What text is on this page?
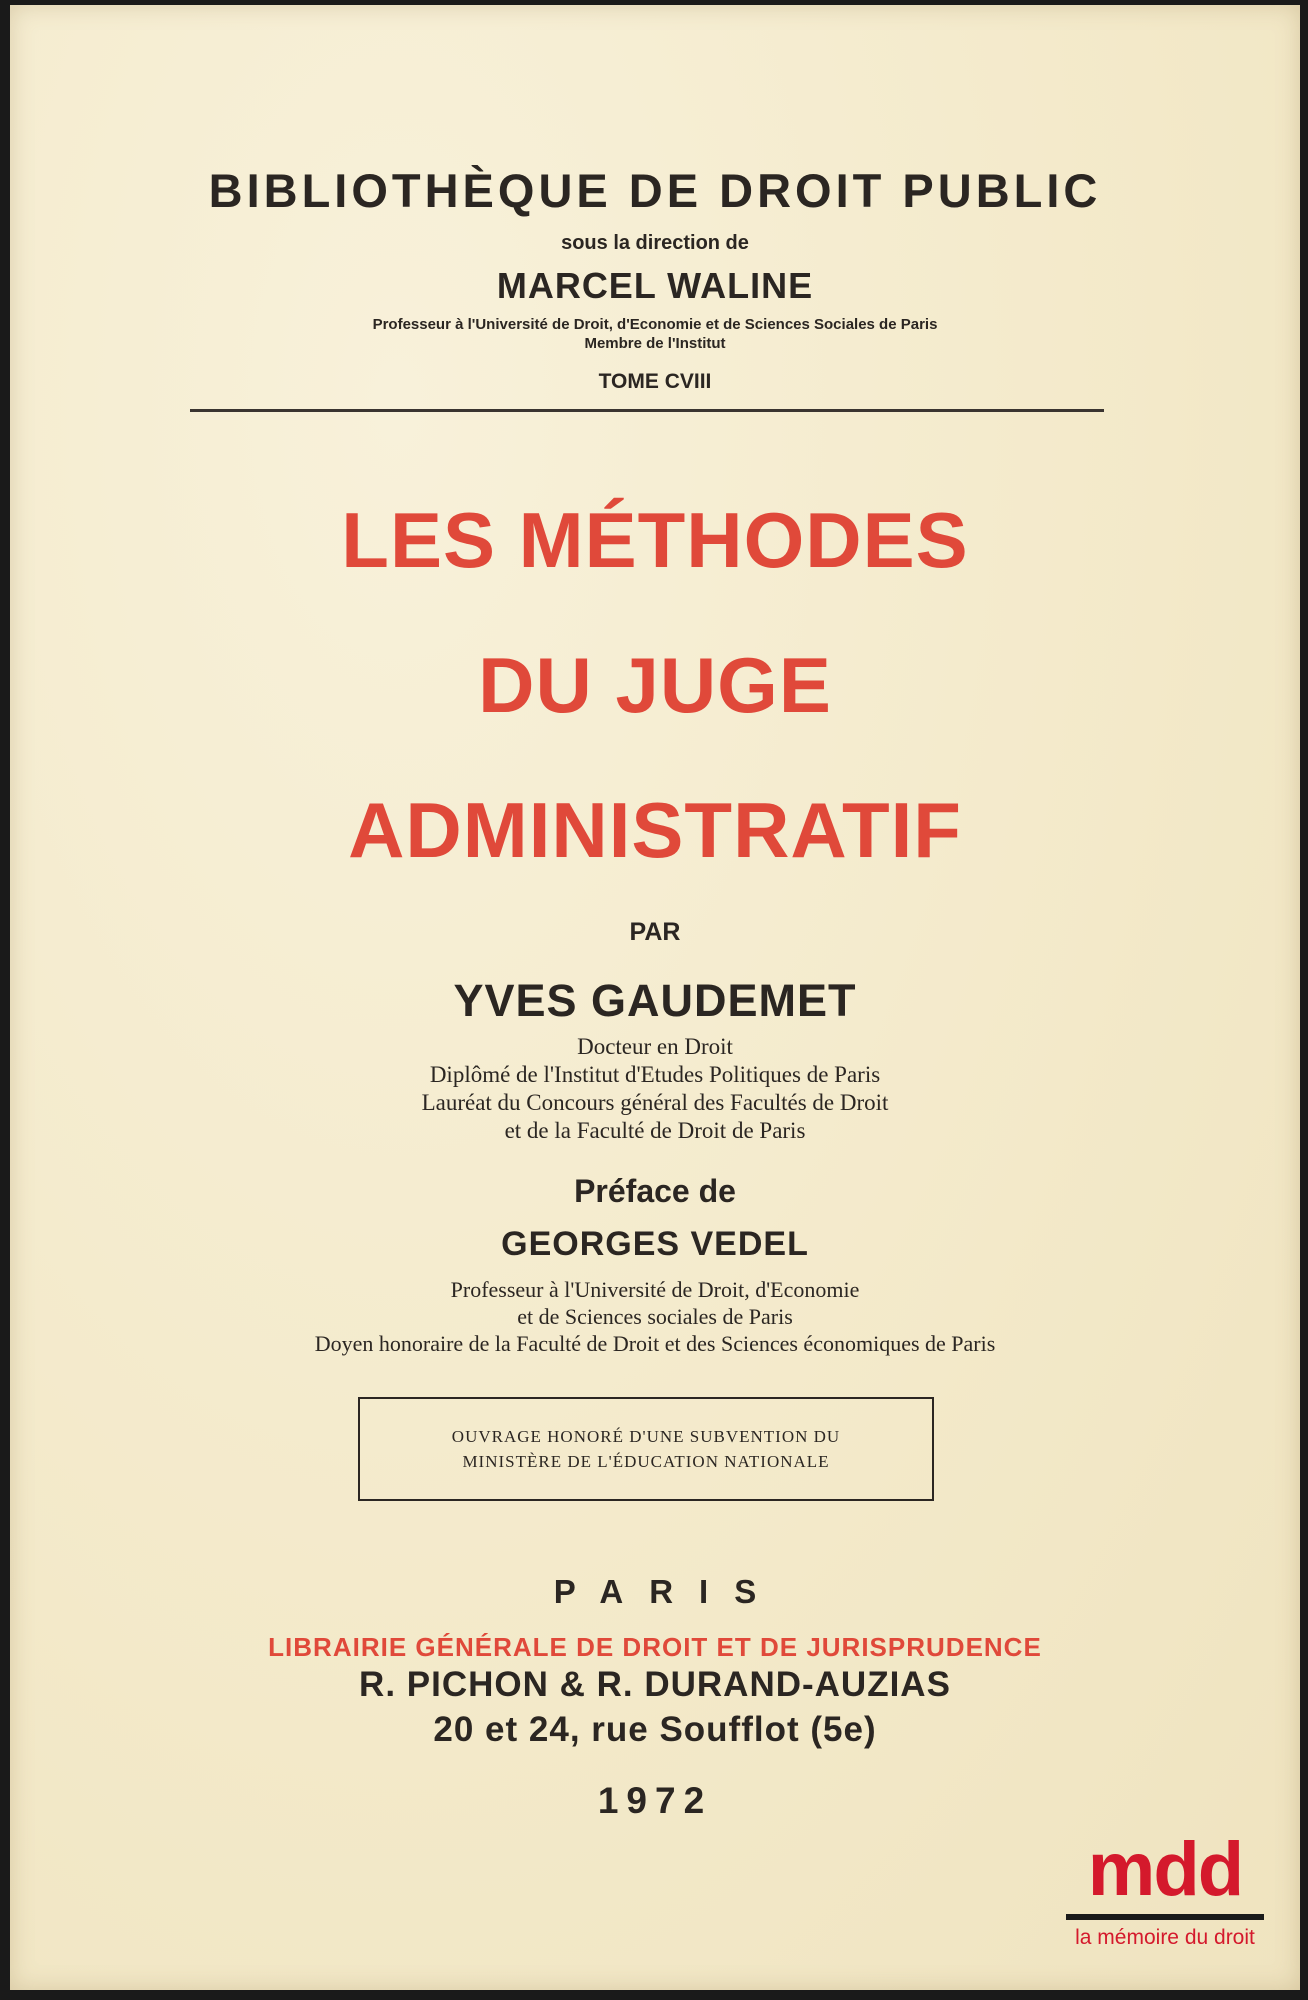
BIBLIOTHÈQUE DE DROIT PUBLIC
sous la direction de
MARCEL WALINE
Professeur à l'Université de Droit, d'Economie et de Sciences Sociales de Paris
Membre de l'Institut
TOME CVIII
LES MÉTHODES
DU JUGE
ADMINISTRATIF
PAR
YVES GAUDEMET
Docteur en Droit
Diplômé de l'Institut d'Etudes Politiques de Paris
Lauréat du Concours général des Facultés de Droit
et de la Faculté de Droit de Paris
Préface de
GEORGES VEDEL
Professeur à l'Université de Droit, d'Economie
et de Sciences sociales de Paris
Doyen honoraire de la Faculté de Droit et des Sciences économiques de Paris
OUVRAGE HONORÉ D'UNE SUBVENTION DU
MINISTÈRE DE L'ÉDUCATION NATIONALE
PARIS
LIBRAIRIE GÉNÉRALE DE DROIT ET DE JURISPRUDENCE
R. PICHON & R. DURAND-AUZIAS
20 et 24, rue Soufflot (5e)
1972
mdd
la mémoire du droit
